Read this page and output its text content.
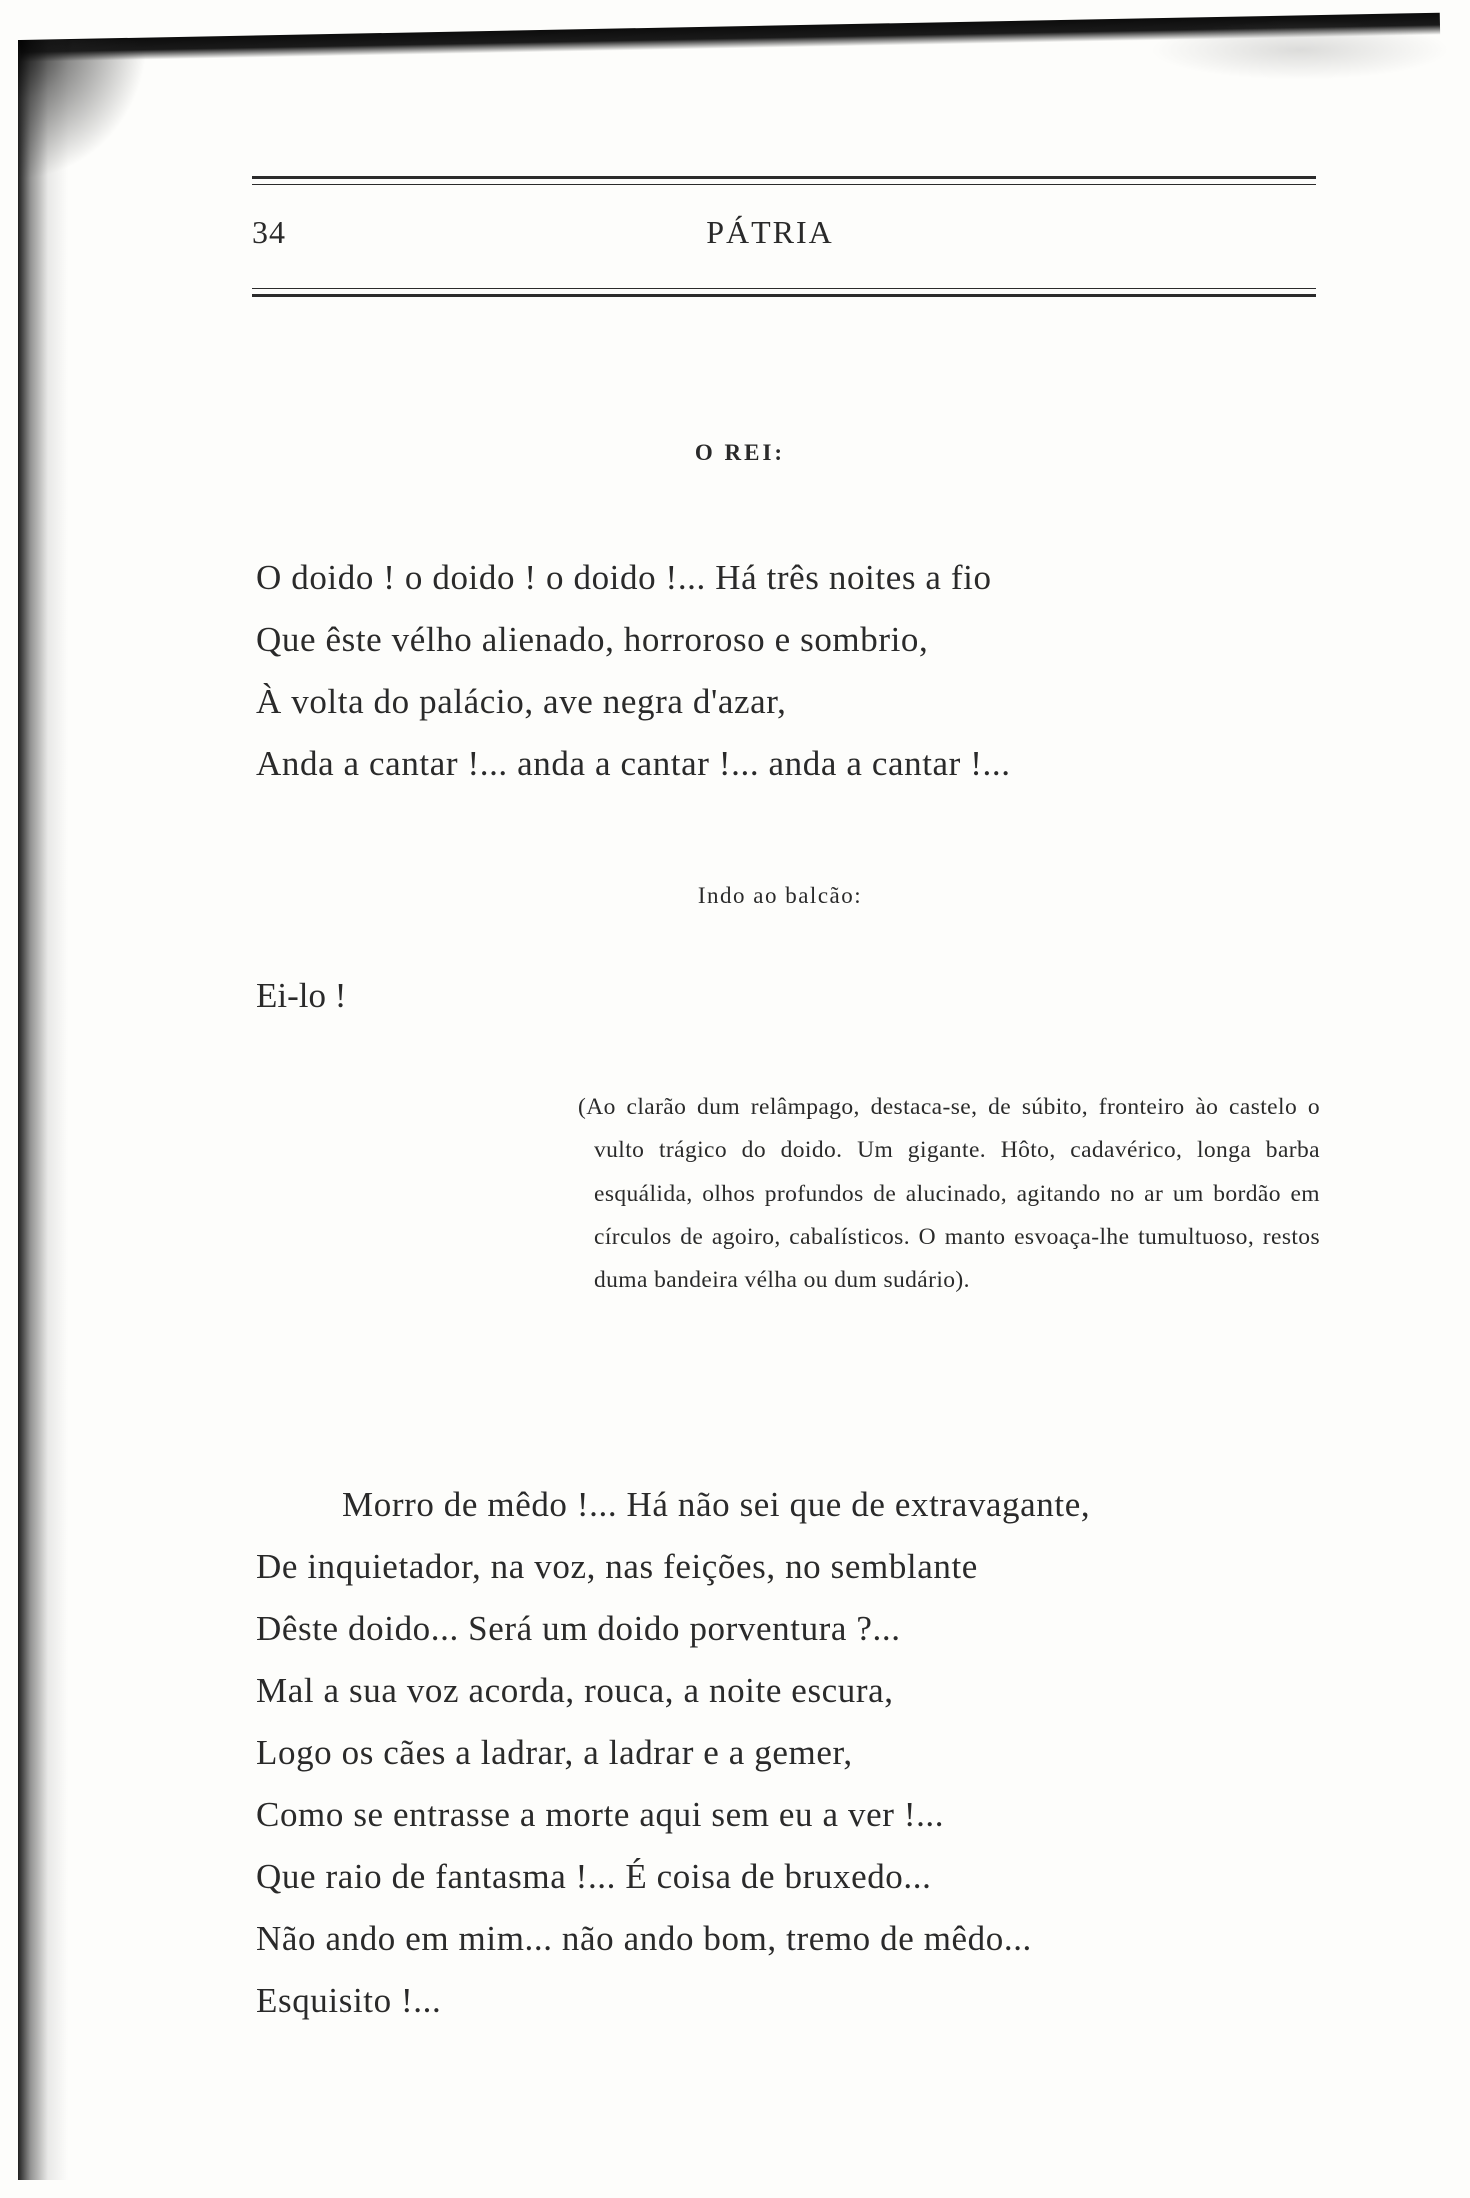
34	PÁTRIA
O REI:
O doido ! o doido ! o doido !... Há três noites a fio
Que êste vélho alienado, horroroso e sombrio,
À volta do palácio, ave negra d'azar,
Anda a cantar !... anda a cantar !... anda a cantar !...
Indo ao balcão:
Ei-lo !
(Ao clarão dum relâmpago, destaca-se, de súbito, fronteiro ào castelo o vulto trágico do doido. Um gigante. Hôto, cadavérico, longa barba esquálida, olhos profundos de alucinado, agitando no ar um bordão em círculos de agoiro, cabalísticos. O manto esvoaça-lhe tumultuoso, restos duma bandeira vélha ou dum sudário).
Morro de mêdo !... Há não sei que de extravagante,
De inquietador, na voz, nas feições, no semblante
Dêste doido... Será um doido porventura ?...
Mal a sua voz acorda, rouca, a noite escura,
Logo os cães a ladrar, a ladrar e a gemer,
Como se entrasse a morte aqui sem eu a ver !...
Que raio de fantasma !... É coisa de bruxedo...
Não ando em mim... não ando bom, tremo de mêdo...
Esquisito !...
